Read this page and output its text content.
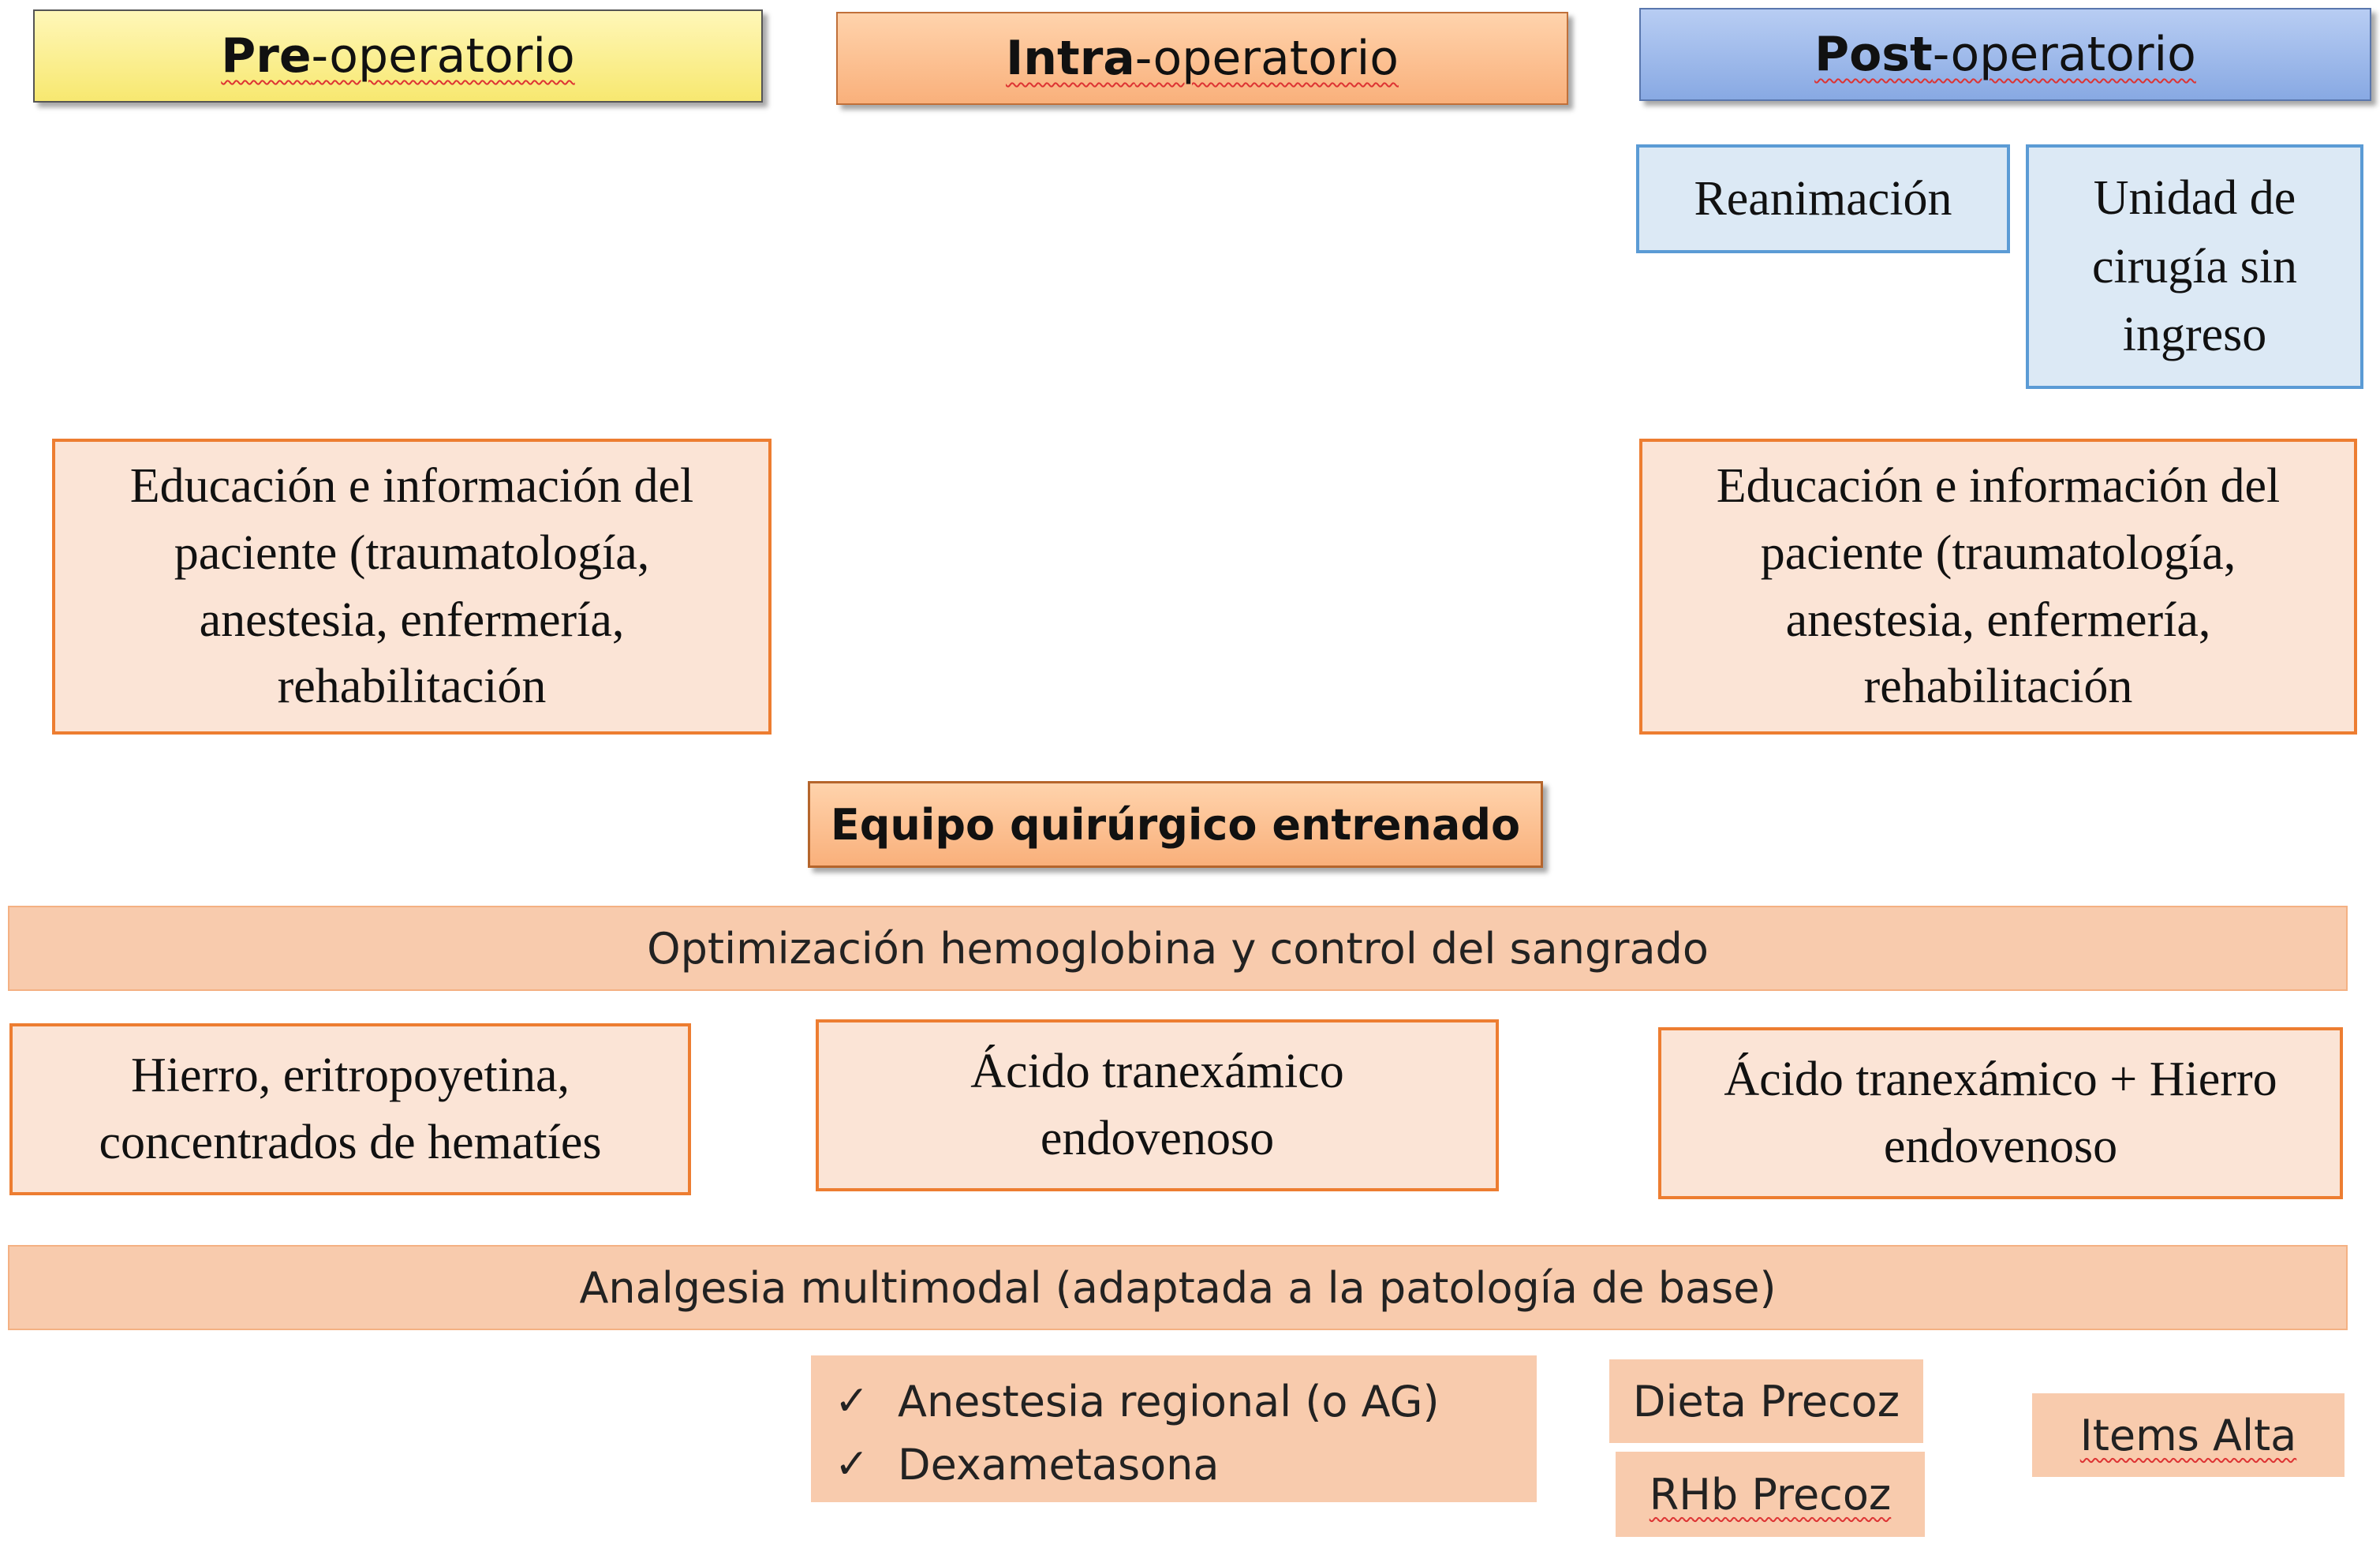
Pre-operatorio	Intra-operatorio	Post-operatorio
Reanimación	Unidad de
cirugía sin
ingreso
Educación e información del
paciente (traumatología,
anestesia, enfermería,
rehabilitación
Educación e información del
paciente (traumatología,
anestesia, enfermería,
rehabilitación
Equipo quirúrgico entrenado
Optimización hemoglobina y control del sangrado
Hierro, eritropoyetina,
concentrados de hematíes
Ácido tranexámico
endovenoso
Ácido tranexámico + Hierro
endovenoso
Analgesia multimodal (adaptada a la patología de base)
✓ Anestesia regional (o AG)
✓ Dexametasona
Dieta Precoz
RHb Precoz
Items Alta
